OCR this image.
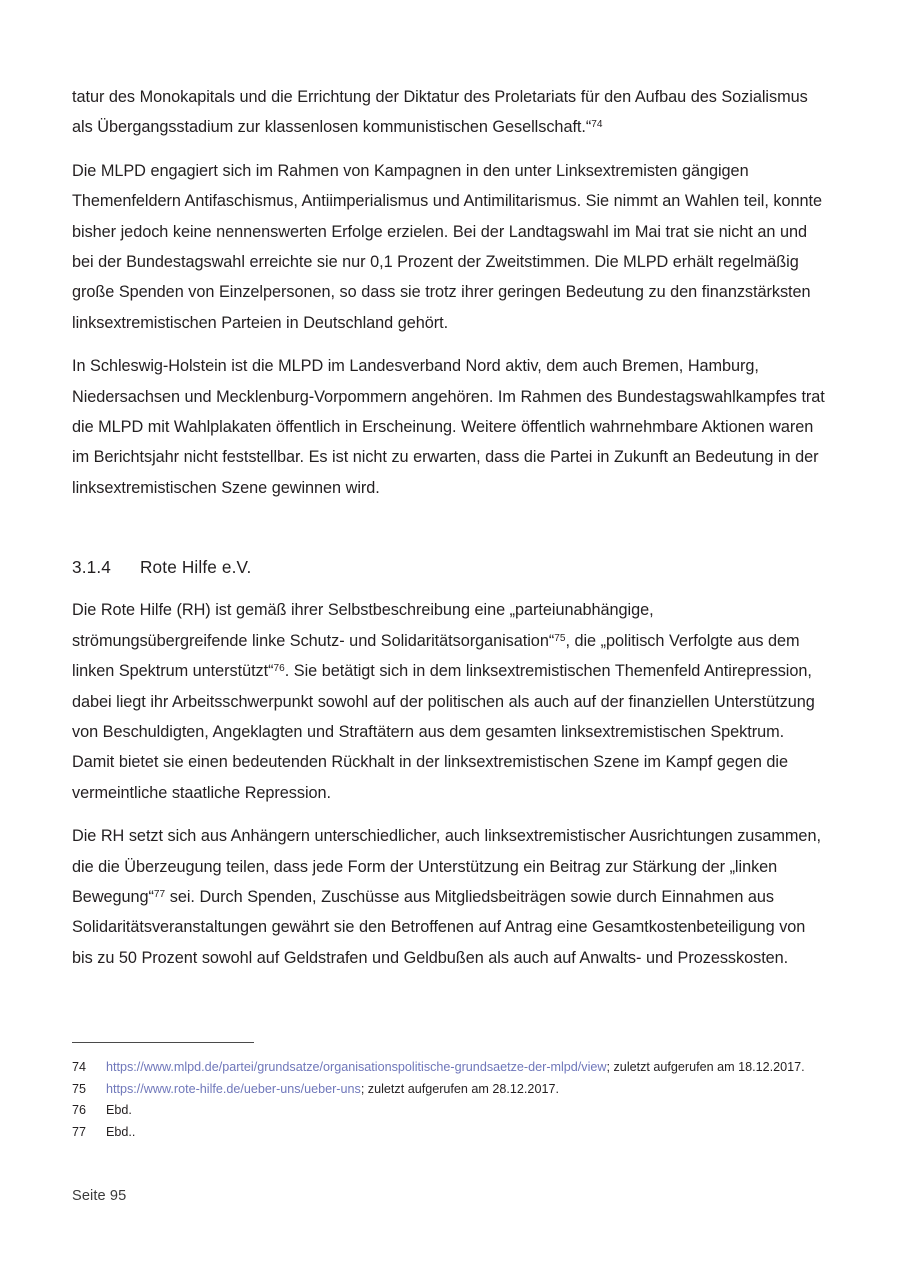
tatur des Monokapitals und die Errichtung der Diktatur des Proletariats für den Aufbau des Sozialismus als Übergangsstadium zur klassenlosen kommunistischen Gesellschaft.“$^{74}$

Die MLPD engagiert sich im Rahmen von Kampagnen in den unter Linksextremisten gängigen Themenfeldern Antifaschismus, Antiimperialismus und Antimilitarismus. Sie nimmt an Wahlen teil, konnte bisher jedoch keine nennenswerten Erfolge erzielen. Bei der Landtagswahl im Mai trat sie nicht an und bei der Bundestagswahl erreichte sie nur 0,1 Prozent der Zweitstimmen. Die MLPD erhält regelmäßig große Spenden von Einzelpersonen, so dass sie trotz ihrer geringen Bedeutung zu den finanzstärksten linksextremistischen Parteien in Deutschland gehört.

In Schleswig-Holstein ist die MLPD im Landesverband Nord aktiv, dem auch Bremen, Hamburg, Niedersachsen und Mecklenburg-Vorpommern angehören. Im Rahmen des Bundestagswahlkampfes trat die MLPD mit Wahlplakaten öffentlich in Erscheinung. Weitere öffentlich wahrnehmbare Aktionen waren im Berichtsjahr nicht feststellbar. Es ist nicht zu erwarten, dass die Partei in Zukunft an Bedeutung in der linksextremistischen Szene gewinnen wird.

3.1.4 Rote Hilfe e.V.

Die Rote Hilfe (RH) ist gemäß ihrer Selbstbeschreibung eine „parteiunabhängige, strömungsübergreifende linke Schutz- und Solidaritätsorganisation“$^{75}$, die „politisch Verfolgte aus dem linken Spektrum unterstützt“$^{76}$. Sie betätigt sich in dem linksextremistischen Themenfeld Antirepression, dabei liegt ihr Arbeitsschwerpunkt sowohl auf der politischen als auch auf der finanziellen Unterstützung von Beschuldigten, Angeklagten und Straftätern aus dem gesamten linksextremistischen Spektrum. Damit bietet sie einen bedeutenden Rückhalt in der linksextremistischen Szene im Kampf gegen die vermeintliche staatliche Repression.

Die RH setzt sich aus Anhängern unterschiedlicher, auch linksextremistischer Ausrichtungen zusammen, die die Überzeugung teilen, dass jede Form der Unterstützung ein Beitrag zur Stärkung der „linken Bewegung“$^{77}$ sei. Durch Spenden, Zuschüsse aus Mitgliedsbeiträgen sowie durch Einnahmen aus Solidaritätsveranstaltungen gewährt sie den Betroffenen auf Antrag eine Gesamtkostenbeteiligung von bis zu 50 Prozent sowohl auf Geldstrafen und Geldbußen als auch auf Anwalts- und Prozesskosten.

74	https://www.mlpd.de/partei/grundsatze/organisationspolitische-grundsaetze-der-mlpd/view; zuletzt aufgerufen am 18.12.2017.
75	https://www.rote-hilfe.de/ueber-uns/ueber-uns; zuletzt aufgerufen am 28.12.2017.
76	Ebd.
77	Ebd..
Seite 95
